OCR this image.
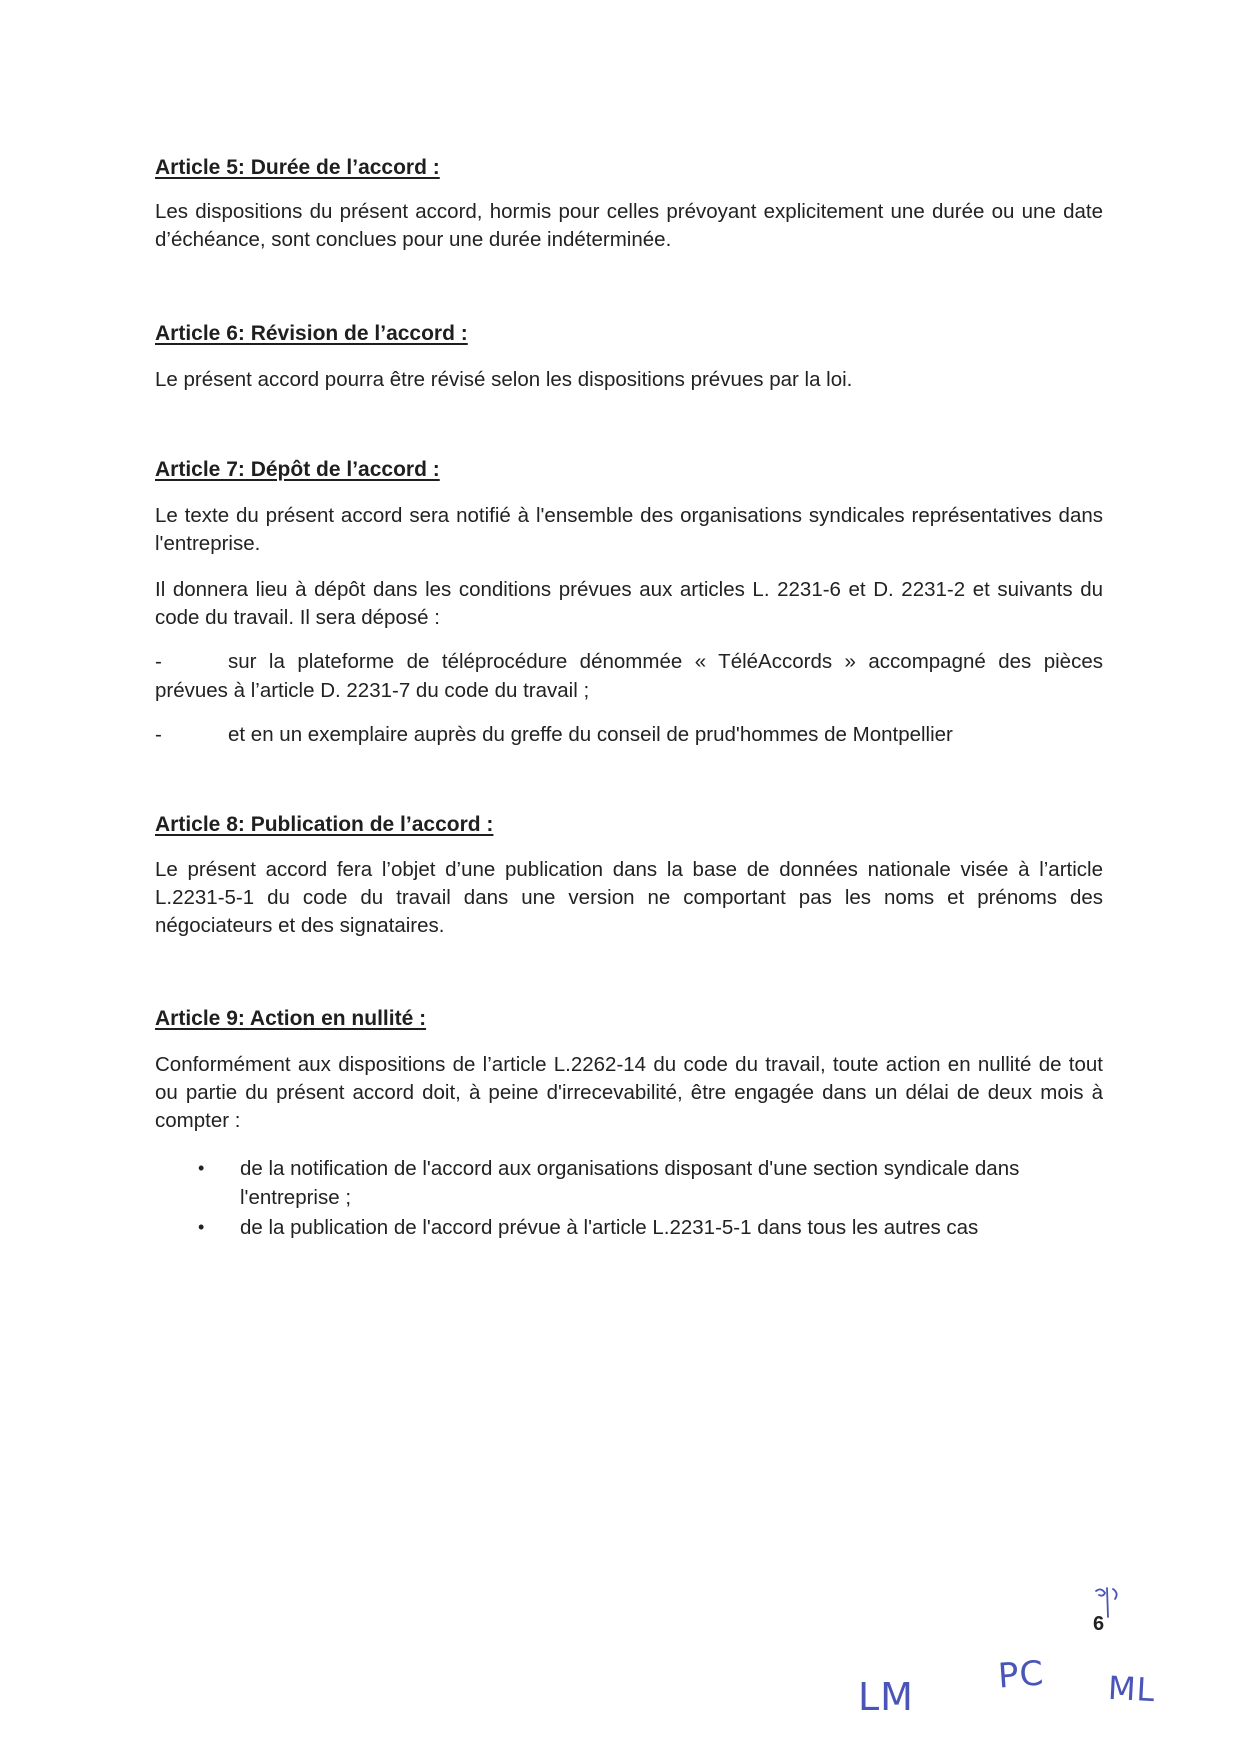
Article 5: Durée de l’accord :

Les dispositions du présent accord, hormis pour celles prévoyant explicitement une durée ou une date d’échéance, sont conclues pour une durée indéterminée.

Article 6: Révision de l’accord :

Le présent accord pourra être révisé selon les dispositions prévues par la loi.

Article 7: Dépôt de l’accord :

Le texte du présent accord sera notifié à l'ensemble des organisations syndicales représentatives dans l'entreprise.

Il donnera lieu à dépôt dans les conditions prévues aux articles L. 2231-6 et D. 2231-2 et suivants du code du travail. Il sera déposé :

-	sur la plateforme de téléprocédure dénommée « TéléAccords » accompagné des pièces prévues à l’article D. 2231-7 du code du travail ;
-	et en un exemplaire auprès du greffe du conseil de prud'hommes de Montpellier
Article 8: Publication de l’accord :

Le présent accord fera l’objet d’une publication dans la base de données nationale visée à l’article L.2231-5-1 du code du travail dans une version ne comportant pas les noms et prénoms des négociateurs et des signataires.

Article 9: Action en nullité :

Conformément aux dispositions de l’article L.2262-14 du code du travail, toute action en nullité de tout ou partie du présent accord doit, à peine d'irrecevabilité, être engagée dans un délai de deux mois à compter :

• de la notification de l'accord aux organisations disposant d'une section syndicale dans l'entreprise ;
• de la publication de l'accord prévue à l'article L.2231-5-1 dans tous les autres cas
6
LM PC ML
